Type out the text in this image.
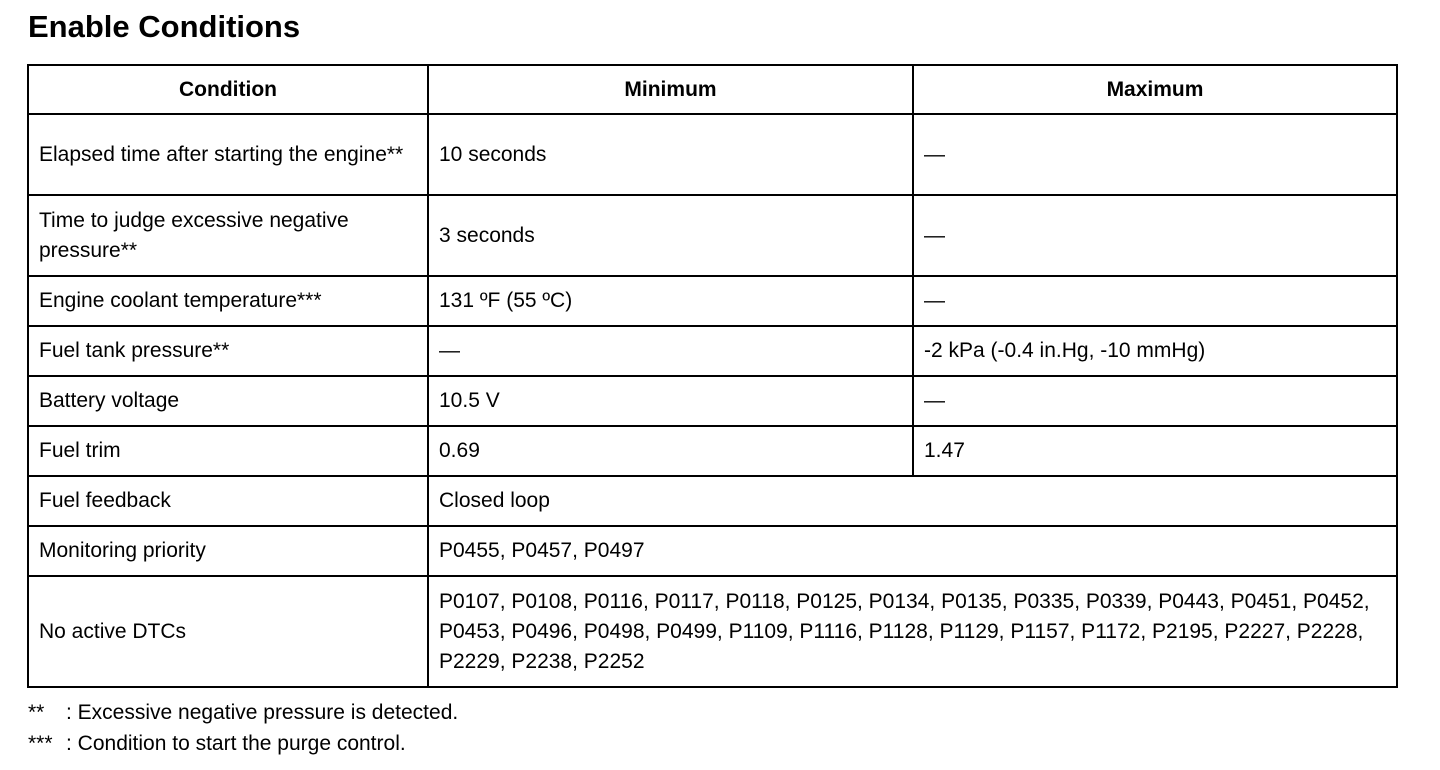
Enable Conditions
Condition	Minimum	Maximum
Elapsed time after starting the engine**	10 seconds	—
Time to judge excessive negative pressure**	3 seconds	—
Engine coolant temperature***	131 ºF (55 ºC)	—
Fuel tank pressure**	—	-2 kPa (-0.4 in.Hg, -10 mmHg)
Battery voltage	10.5 V	—
Fuel trim	0.69	1.47
Fuel feedback	Closed loop	
Monitoring priority	P0455, P0457, P0497	
No active DTCs	P0107, P0108, P0116, P0117, P0118, P0125, P0134, P0135, P0335, P0339, P0443, P0451, P0452, P0453, P0496, P0498, P0499, P1109, P1116, P1128, P1129, P1157, P1172, P2195, P2227, P2228, P2229, P2238, P2252	
**	: Excessive negative pressure is detected.
*** : Condition to start the purge control.
